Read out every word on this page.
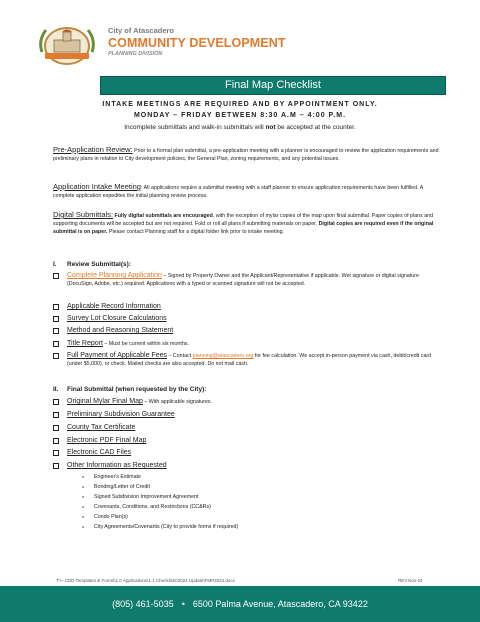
City of Atascadero
COMMUNITY DEVELOPMENT
PLANNING DIVISION
Final Map Checklist
INTAKE MEETINGS ARE REQUIRED AND BY APPOINTMENT ONLY.
MONDAY – FRIDAY BETWEEN 8:30 A.M – 4:00 P.M.
Incomplete submittals and walk-in submittals will not be accepted at the counter.
Pre-Application Review: Prior to a formal plan submittal, a pre-application meeting with a planner is encouraged to review the application requirements and preliminary plans in relation to City development policies, the General Plan, zoning requirements, and any potential issues.
Application Intake Meeting: All applications require a submittal meeting with a staff planner to ensure application requirements have been fulfilled. A complete application expedites the initial planning review process.
Digital Submittals: Fully digital submittals are encouraged, with the exception of mylar copies of the map upon final submittal. Paper copies of plans and supporting documents will be accepted but are not required. Fold or roll all plans if submitting materials on paper. Digital copies are required even if the original submittal is on paper. Please contact Planning staff for a digital folder link prior to intake meeting.
I. Review Submittal(s):
Complete Planning Application – Signed by Property Owner and the Applicant/Representative if applicable. Wet signature or digital signature (DocuSign, Adobe, etc.) required. Applications with a typed or scanned signature will not be accepted.
Applicable Record Information
Survey Lot Closure Calculations
Method and Reasoning Statement
Title Report – Must be current within six months.
Full Payment of Applicable Fees – Contact planning@atascadero.org for fee calculation. We accept in-person payment via cash, debit/credit card (under $5,000), or check. Mailed checks are also accepted. Do not mail cash.
II. Final Submittal (when requested by the City):
Original Mylar Final Map – With applicable signatures.
Preliminary Subdivision Guarantee
County Tax Certificate
Electronic PDF Final Map
Electronic CAD Files
Other Information as Requested
o Engineer's Estimate
o Bonding/Letter of Credit
o Signed Subdivision Improvement Agreement
o Covenants, Conditions, and Restrictions (CC&Rs)
o Condo Plan(s)
o City Agreements/Covenants (City to provide forms if required)
T:\~ CDD Templates & Forms\1.0 Applications\1.1 Checklists\2024 Update\FMP2024.docx	REV.Nov-24
(805) 461-5035 • 6500 Palma Avenue, Atascadero, CA 93422
